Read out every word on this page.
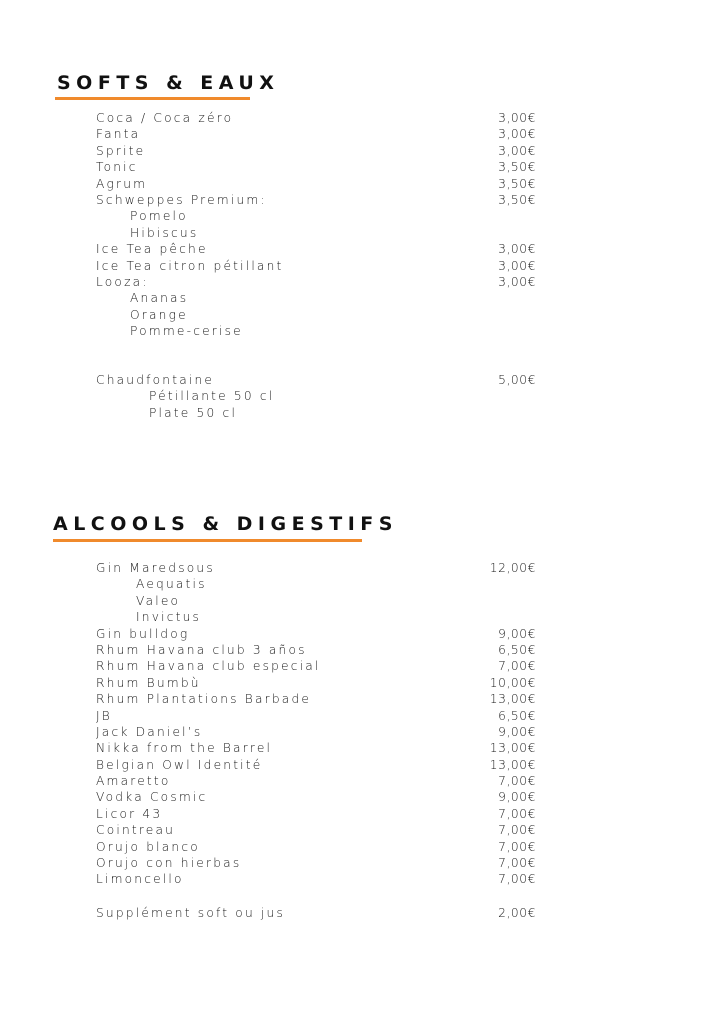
SOFTS & EAUX
Coca / Coca zéro	3,00€
Fanta	3,00€
Sprite	3,00€
Tonic	3,50€
Agrum	3,50€
Schweppes Premium:	3,50€
Pomelo
Hibiscus
Ice Tea pêche	3,00€
Ice Tea citron pétillant	3,00€
Looza:	3,00€
Ananas
Orange
Pomme-cerise
Chaudfontaine	5,00€
Pétillante 50 cl
Plate 50 cl
ALCOOLS & DIGESTIFS
Gin Maredsous	12,00€
Aequatis
Valeo
Invictus
Gin bulldog	9,00€
Rhum Havana club 3 años	6,50€
Rhum Havana club especial	7,00€
Rhum Bumbù	10,00€
Rhum Plantations Barbade	13,00€
JB	6,50€
Jack Daniel’s	9,00€
Nikka from the Barrel	13,00€
Belgian Owl Identité	13,00€
Amaretto	7,00€
Vodka Cosmic	9,00€
Licor 43	7,00€
Cointreau	7,00€
Orujo blanco	7,00€
Orujo con hierbas	7,00€
Limoncello	7,00€
Supplément soft ou jus	2,00€
